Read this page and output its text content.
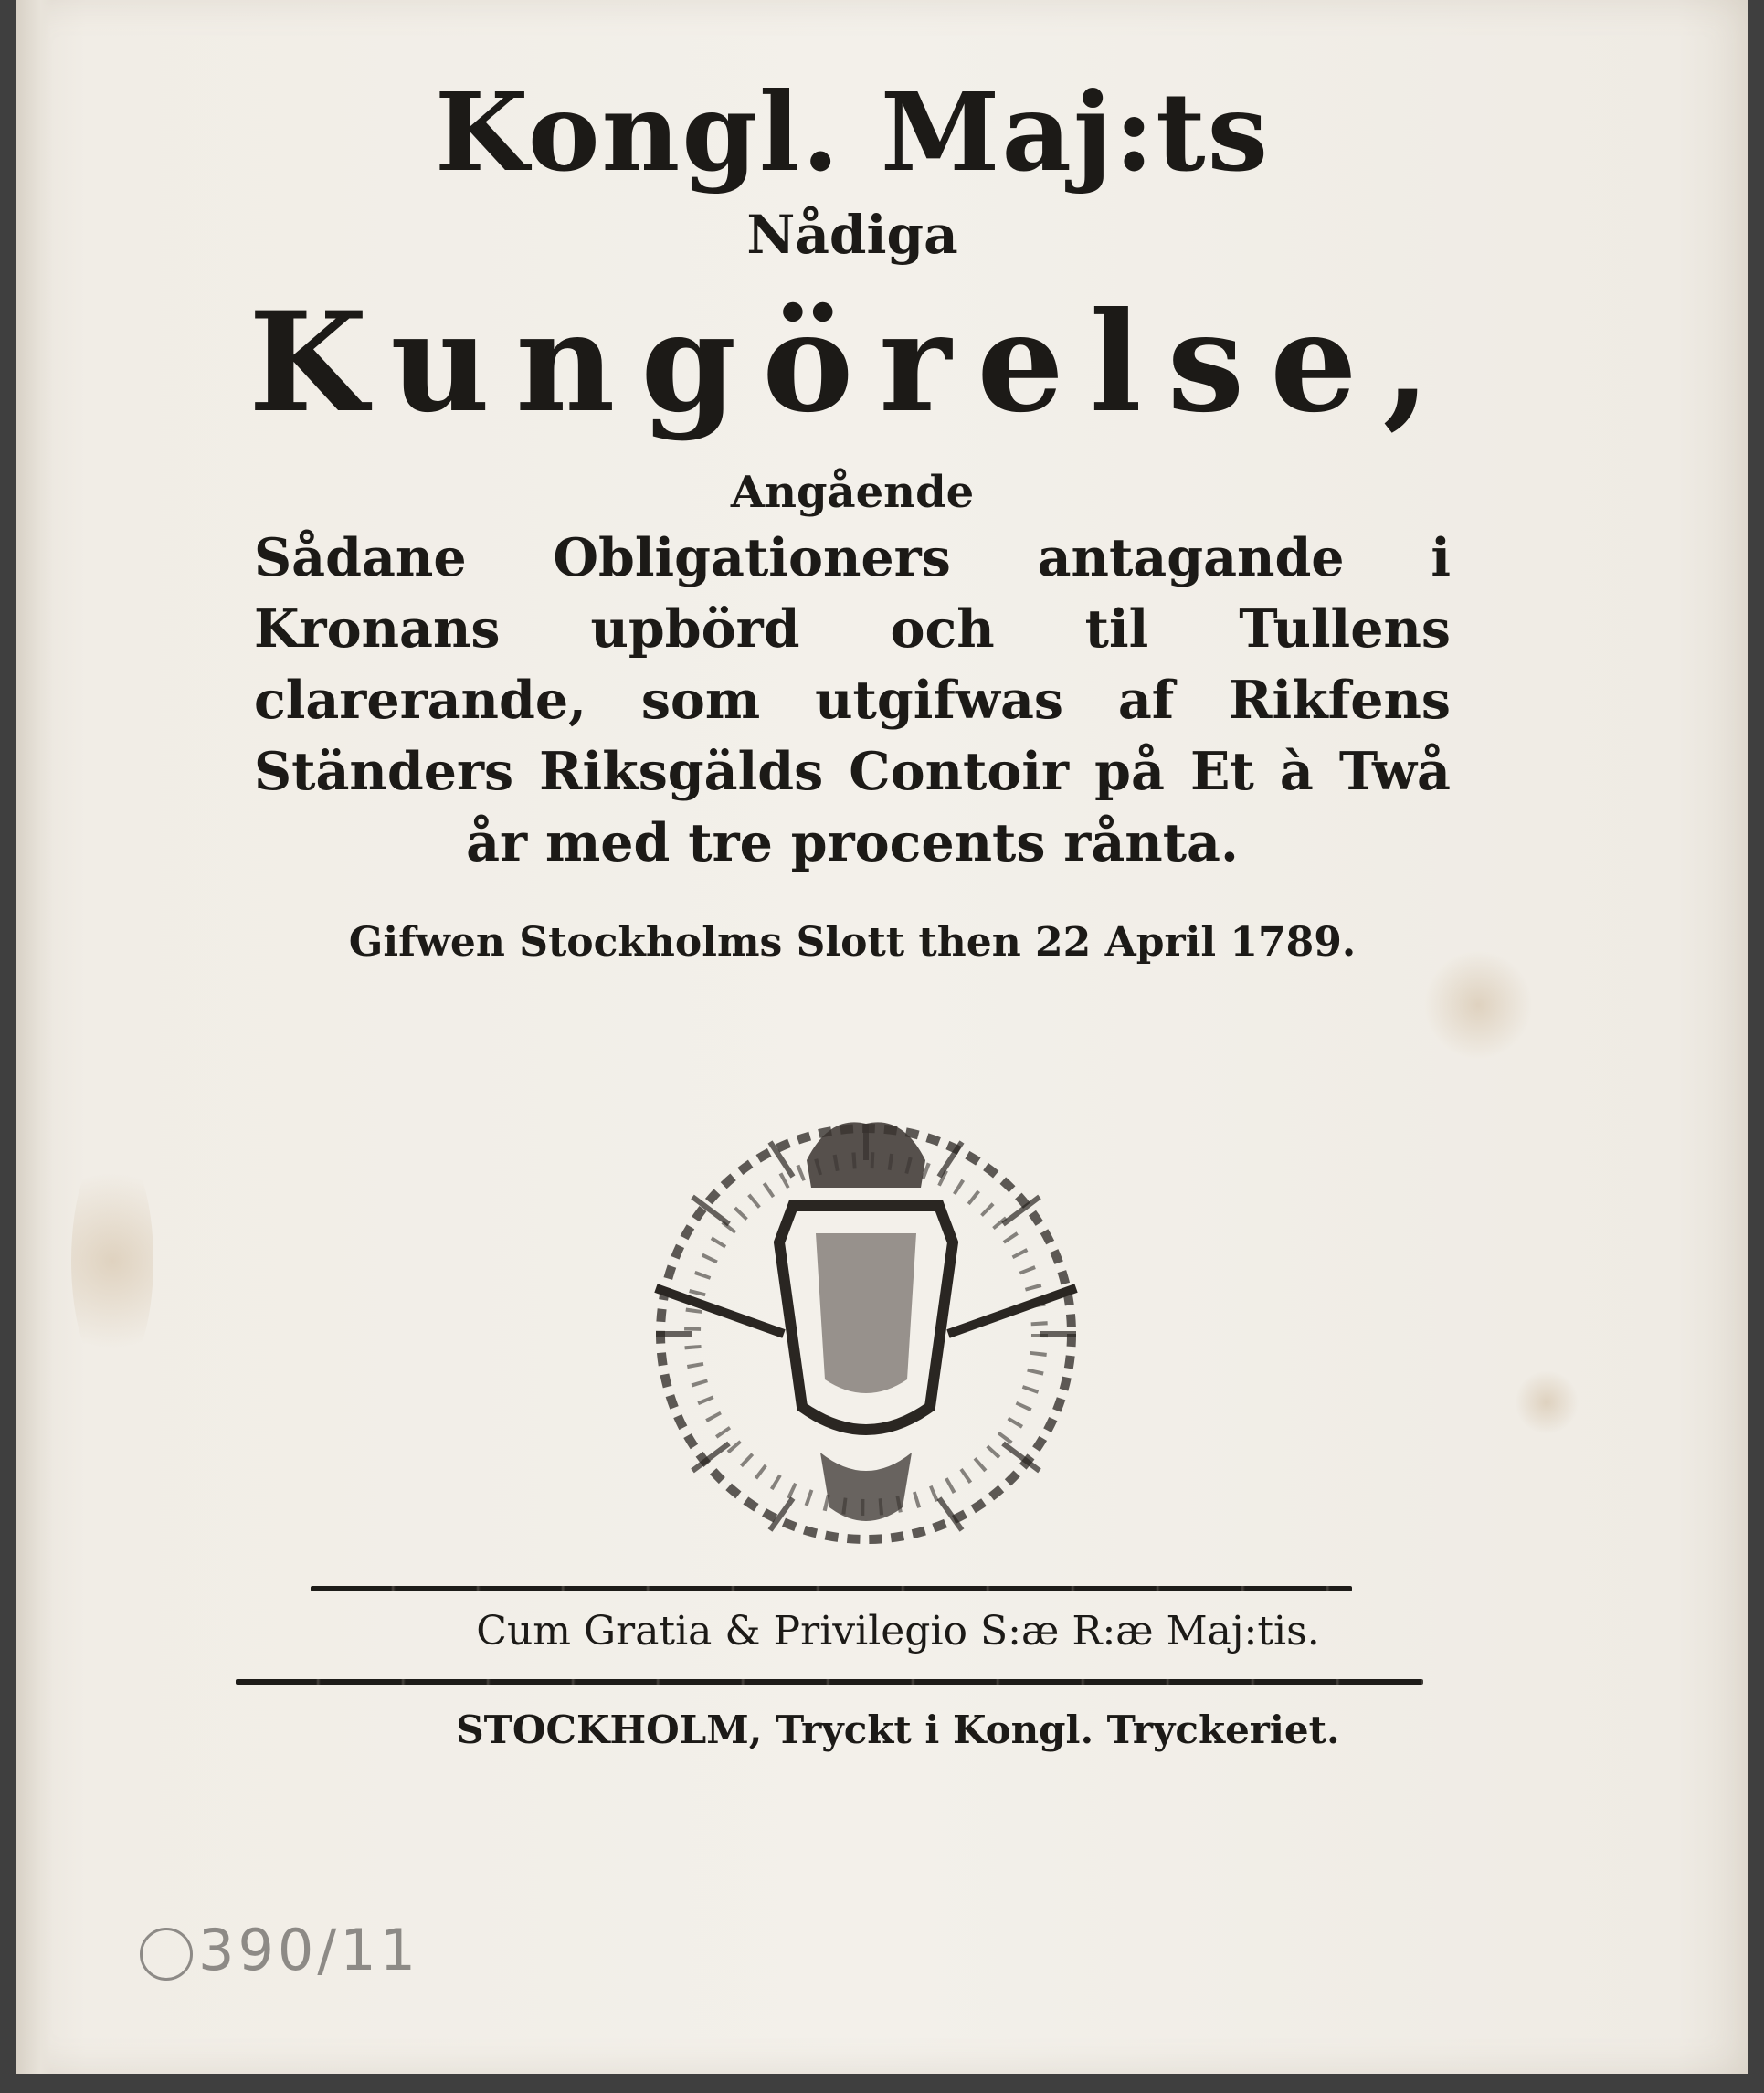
Kongl. Maj:ts

Nådiga

Kungörelse,

Angående

Sådane Obligationers antagande i Kronans upbörd och til Tullens clarerande, som utgifwas af Rikfens Ständers Riksgälds Contoir på Et à Twå år med tre procents rånta.

Gifwen Stockholms Slott then 22 April 1789.

Cum Gratia & Privilegio S:æ R:æ Maj:tis.
STOCKHOLM, Tryckt i Kongl. Tryckeriet.
390/11
